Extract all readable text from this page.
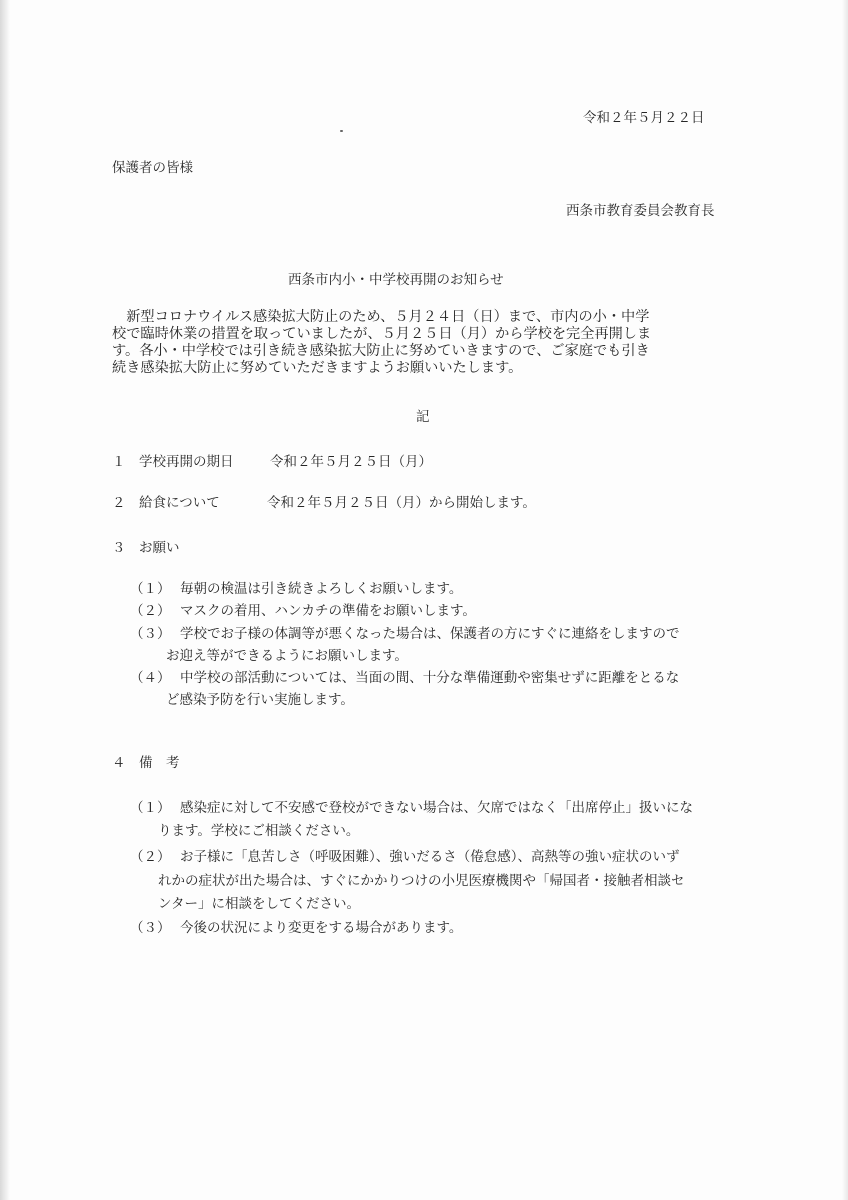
令和２年５月２２日
保護者の皆様
西条市教育委員会教育長
西条市内小・中学校再開のお知らせ
　新型コロナウイルス感染拡大防止のため、５月２４日（日）まで、市内の小・中学
校で臨時休業の措置を取っていましたが、５月２５日（月）から学校を完全再開しま
す。各小・中学校では引き続き感染拡大防止に努めていきますので、ご家庭でも引き
続き感染拡大防止に努めていただきますようお願いいたします。
記
１ 学校再開の期日	令和２年５月２５日（月）
２ 給食について	令和２年５月２５日（月）から開始します。
３ お願い
（１） 毎朝の検温は引き続きよろしくお願いします。
（２） マスクの着用、ハンカチの準備をお願いします。
（３） 学校でお子様の体調等が悪くなった場合は、保護者の方にすぐに連絡をしますので
お迎え等ができるようにお願いします。
（４） 中学校の部活動については、当面の間、十分な準備運動や密集せずに距離をとるな
ど感染予防を行い実施します。
４ 備　考
（１） 感染症に対して不安感で登校ができない場合は、欠席ではなく「出席停止」扱いにな
ります。学校にご相談ください。
（２） お子様に「息苦しさ（呼吸困難）、強いだるさ（倦怠感）、高熱等の強い症状のいず
れかの症状が出た場合は、すぐにかかりつけの小児医療機関や「帰国者・接触者相談セ
ンター」に相談をしてください。
（３） 今後の状況により変更をする場合があります。
